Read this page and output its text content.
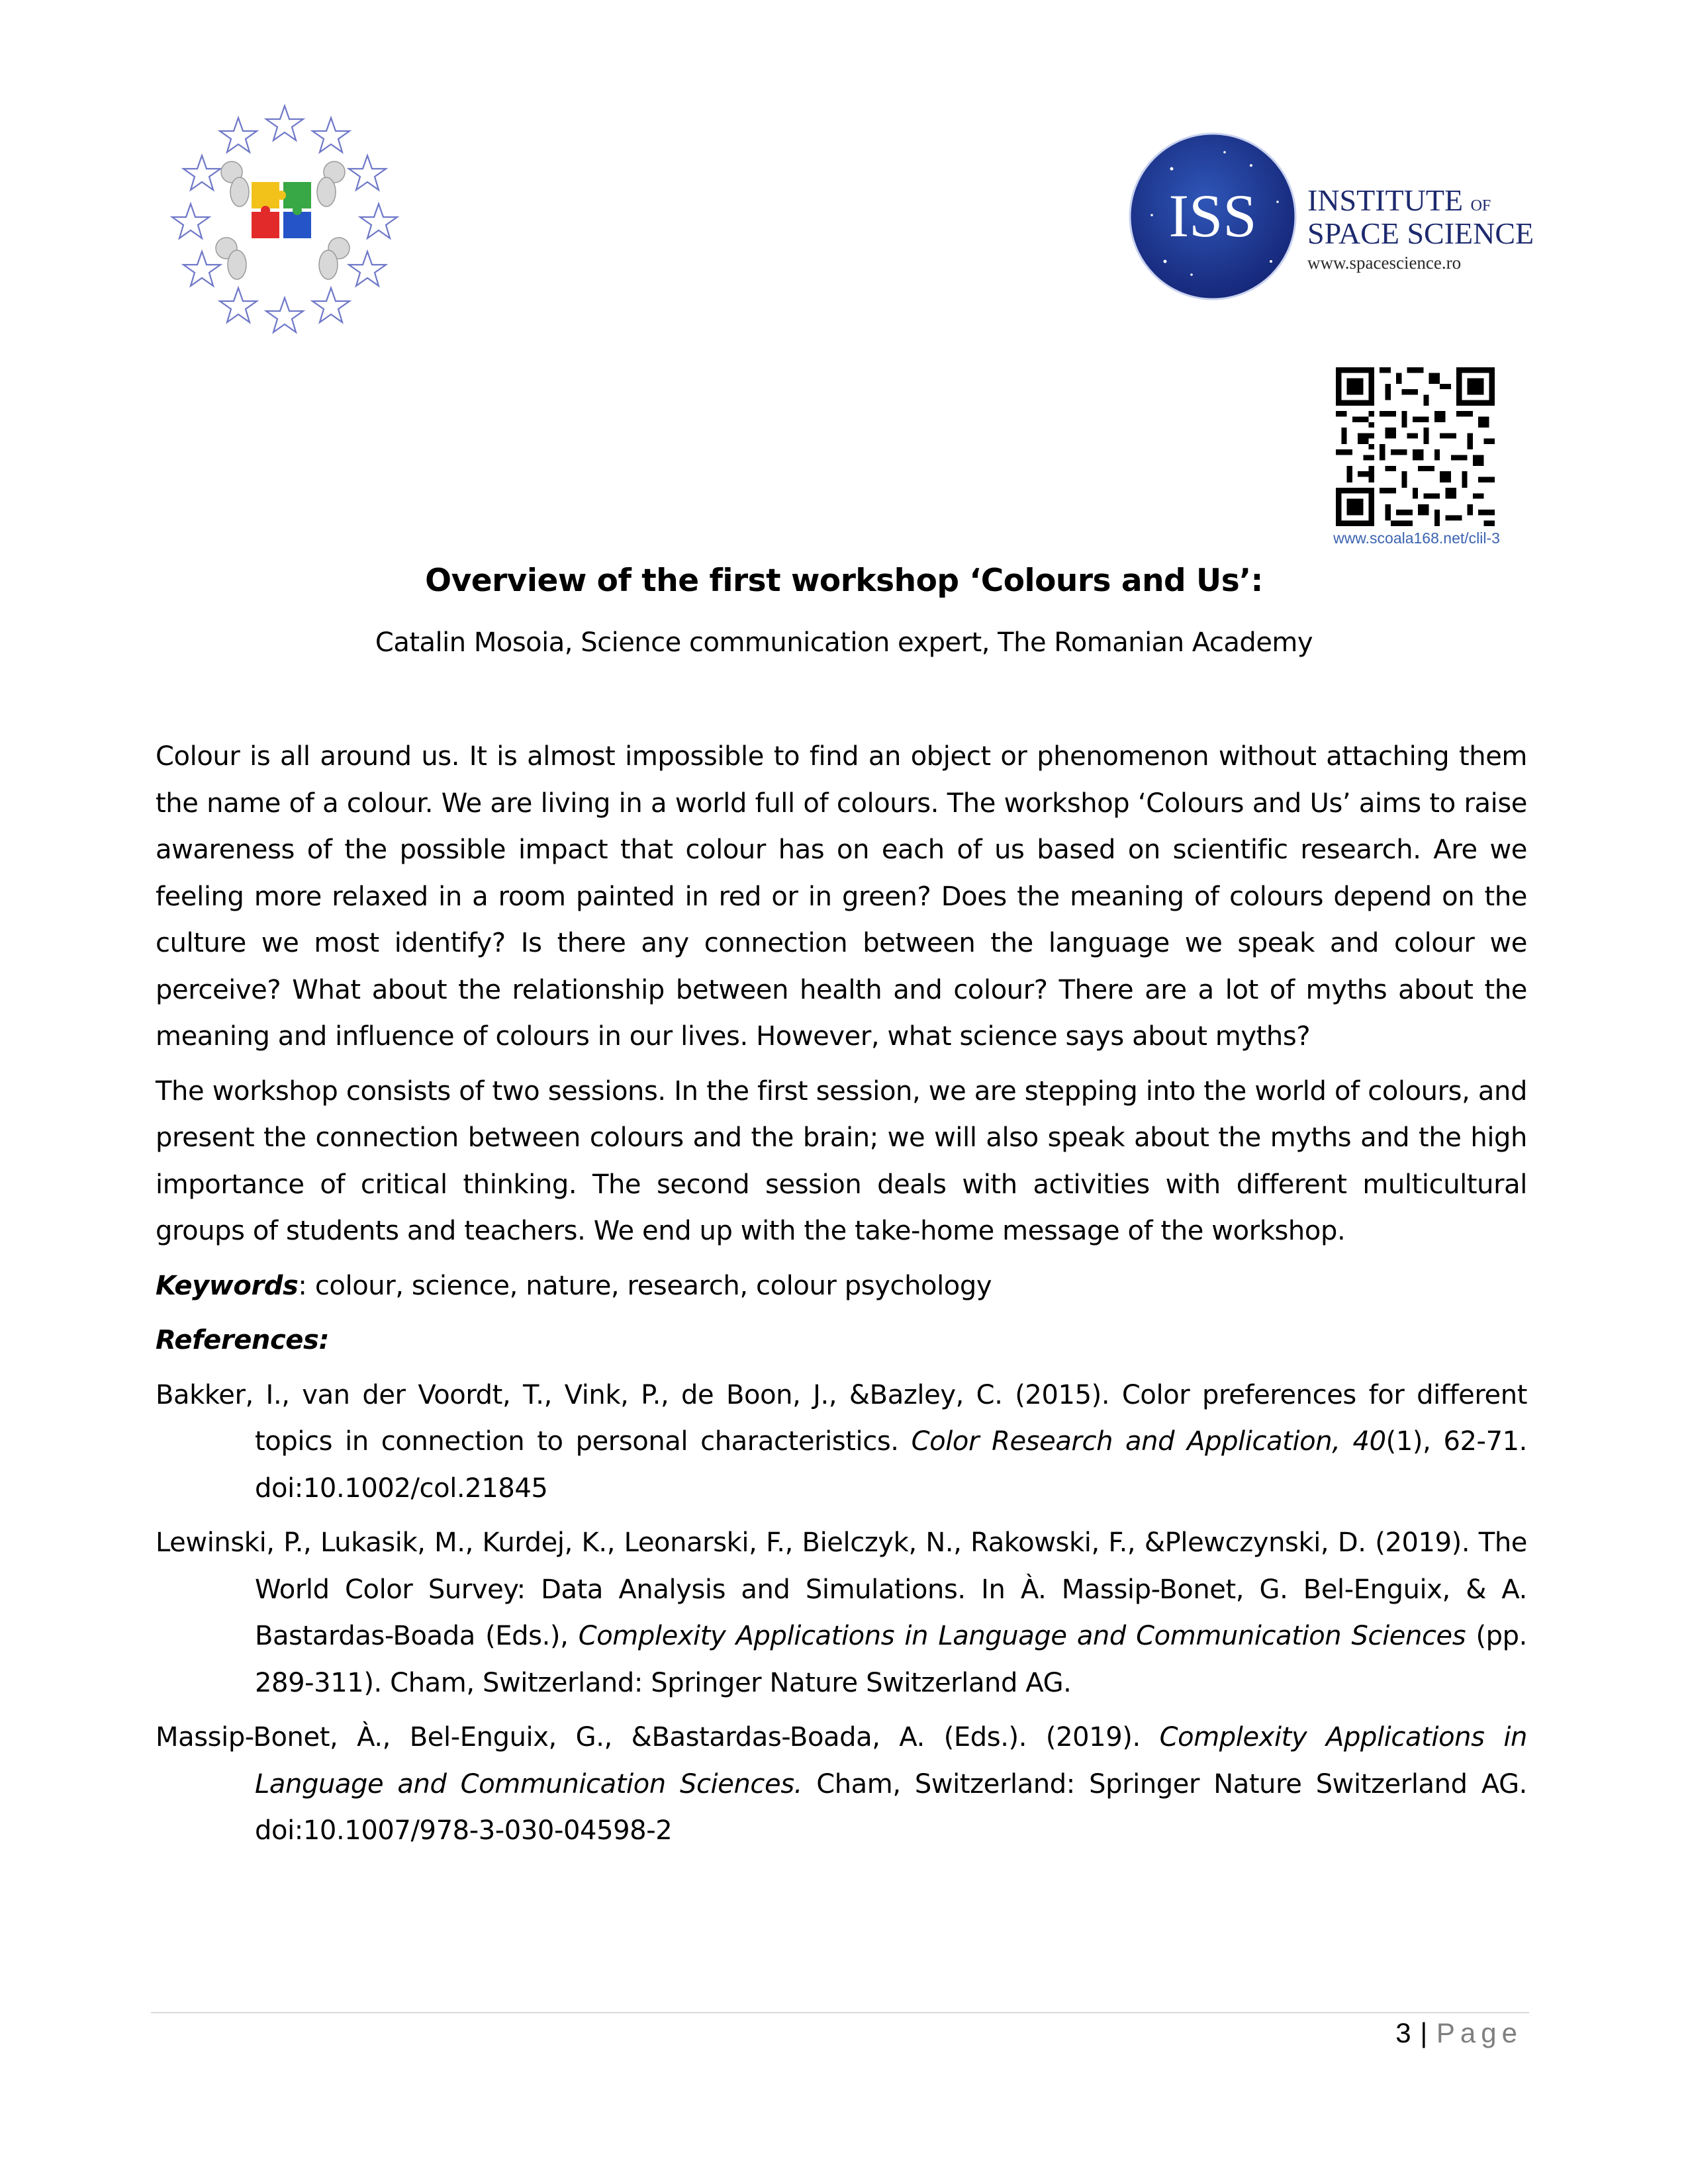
ISS INSTITUTE OF
SPACE SCIENCE
www.spacescience.ro
www.scoala168.net/clil-3
Overview of the first workshop ‘Colours and Us’:
Catalin Mosoia, Science communication expert, The Romanian Academy

Colour is all around us. It is almost impossible to find an object or phenomenon without attaching them the name of a colour. We are living in a world full of colours. The workshop ‘Colours and Us’ aims to raise awareness of the possible impact that colour has on each of us based on scientific research. Are we feeling more relaxed in a room painted in red or in green? Does the meaning of colours depend on the culture we most identify? Is there any connection between the language we speak and colour we perceive? What about the relationship between health and colour? There are a lot of myths about the meaning and influence of colours in our lives. However, what science says about myths?

The workshop consists of two sessions. In the first session, we are stepping into the world of colours, and present the connection between colours and the brain; we will also speak about the myths and the high importance of critical thinking. The second session deals with activities with different multicultural groups of students and teachers. We end up with the take-home message of the workshop.

Keywords: colour, science, nature, research, colour psychology

References:

Bakker, I., van der Voordt, T., Vink, P., de Boon, J., &Bazley, C. (2015). Color preferences for different topics in connection to personal characteristics. Color Research and Application, 40(1), 62-71. doi:10.1002/col.21845

Lewinski, P., Lukasik, M., Kurdej, K., Leonarski, F., Bielczyk, N., Rakowski, F., &Plewczynski, D. (2019). The World Color Survey: Data Analysis and Simulations. In À. Massip-Bonet, G. Bel-Enguix, & A. Bastardas-Boada (Eds.), Complexity Applications in Language and Communication Sciences (pp. 289-311). Cham, Switzerland: Springer Nature Switzerland AG.

Massip-Bonet, À., Bel-Enguix, G., &Bastardas-Boada, A. (Eds.). (2019). Complexity Applications in Language and Communication Sciences. Cham, Switzerland: Springer Nature Switzerland AG. doi:10.1007/978-3-030-04598-2

3 | Page
